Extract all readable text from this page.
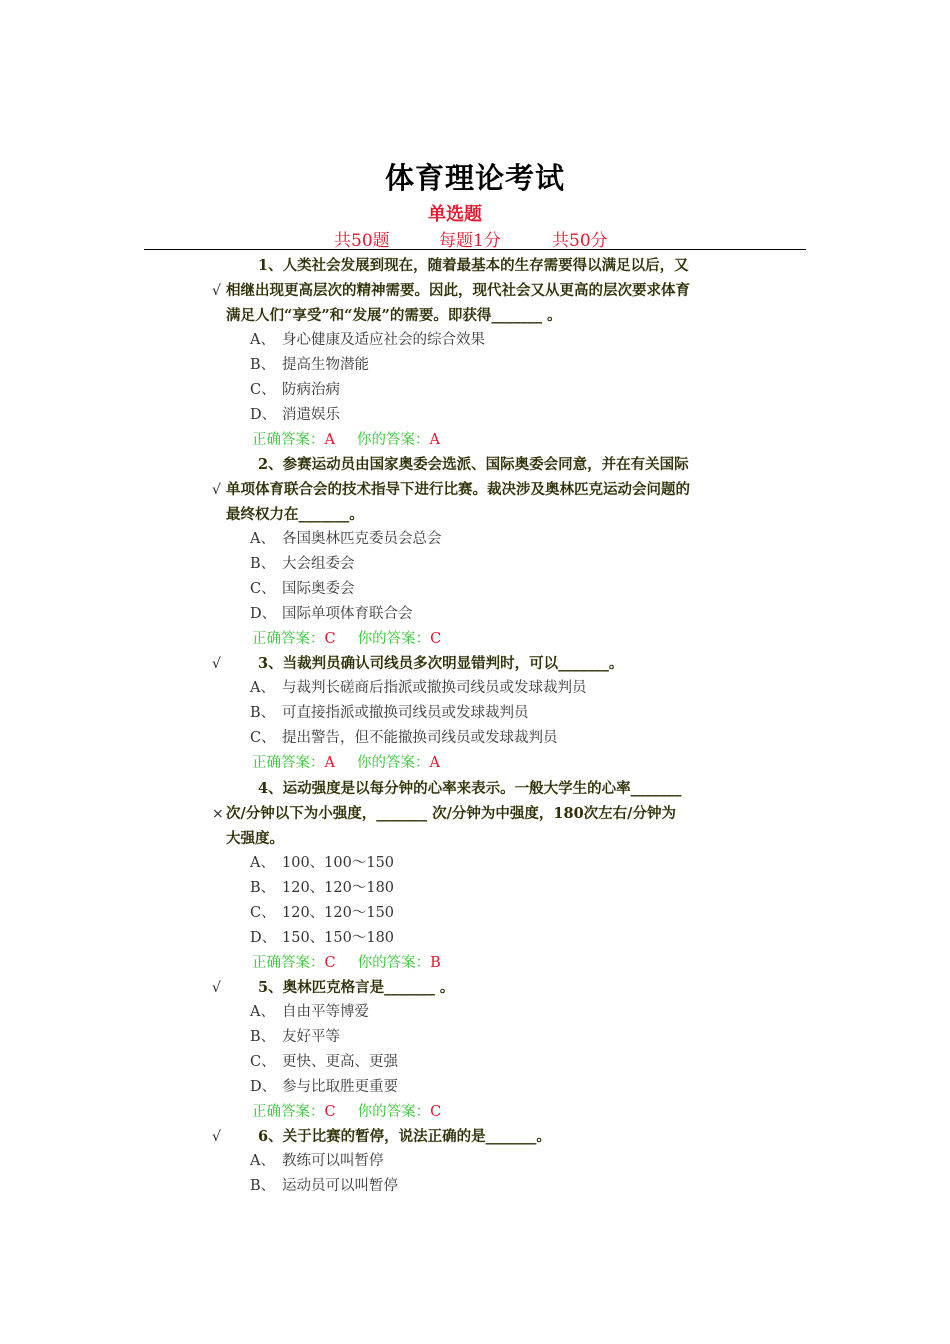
体育理论考试
单选题
共50题	每题1分	共50分
1、人类社会发展到现在，随着最基本的生存需要得以满足以后，又
√ 相继出现更高层次的精神需要。因此，现代社会又从更高的层次要求体育
满足人们“享受”和“发展”的需要。即获得_______ 。
A、 身心健康及适应社会的综合效果
B、 提高生物潜能
C、 防病治病
D、 消遣娱乐
正确答案：A 你的答案：A
2、参赛运动员由国家奥委会选派、国际奥委会同意，并在有关国际
√ 单项体育联合会的技术指导下进行比赛。裁决涉及奥林匹克运动会问题的
最终权力在_______。
A、 各国奥林匹克委员会总会
B、 大会组委会
C、 国际奥委会
D、 国际单项体育联合会
正确答案：C 你的答案：C
√	3、当裁判员确认司线员多次明显错判时，可以_______。
A、 与裁判长磋商后指派或撤换司线员或发球裁判员
B、 可直接指派或撤换司线员或发球裁判员
C、 提出警告，但不能撤换司线员或发球裁判员
正确答案：A 你的答案：A
4、运动强度是以每分钟的心率来表示。一般大学生的心率_______
× 次/分钟以下为小强度，_______ 次/分钟为中强度，180次左右/分钟为
大强度。
A、 100、100～150
B、 120、120～180
C、 120、120～150
D、 150、150～180
正确答案：C 你的答案：B
√	5、奥林匹克格言是_______ 。
A、 自由平等博爱
B、 友好平等
C、 更快、更高、更强
D、 参与比取胜更重要
正确答案：C 你的答案：C
√	6、关于比赛的暂停，说法正确的是_______。
A、 教练可以叫暂停
B、 运动员可以叫暂停
